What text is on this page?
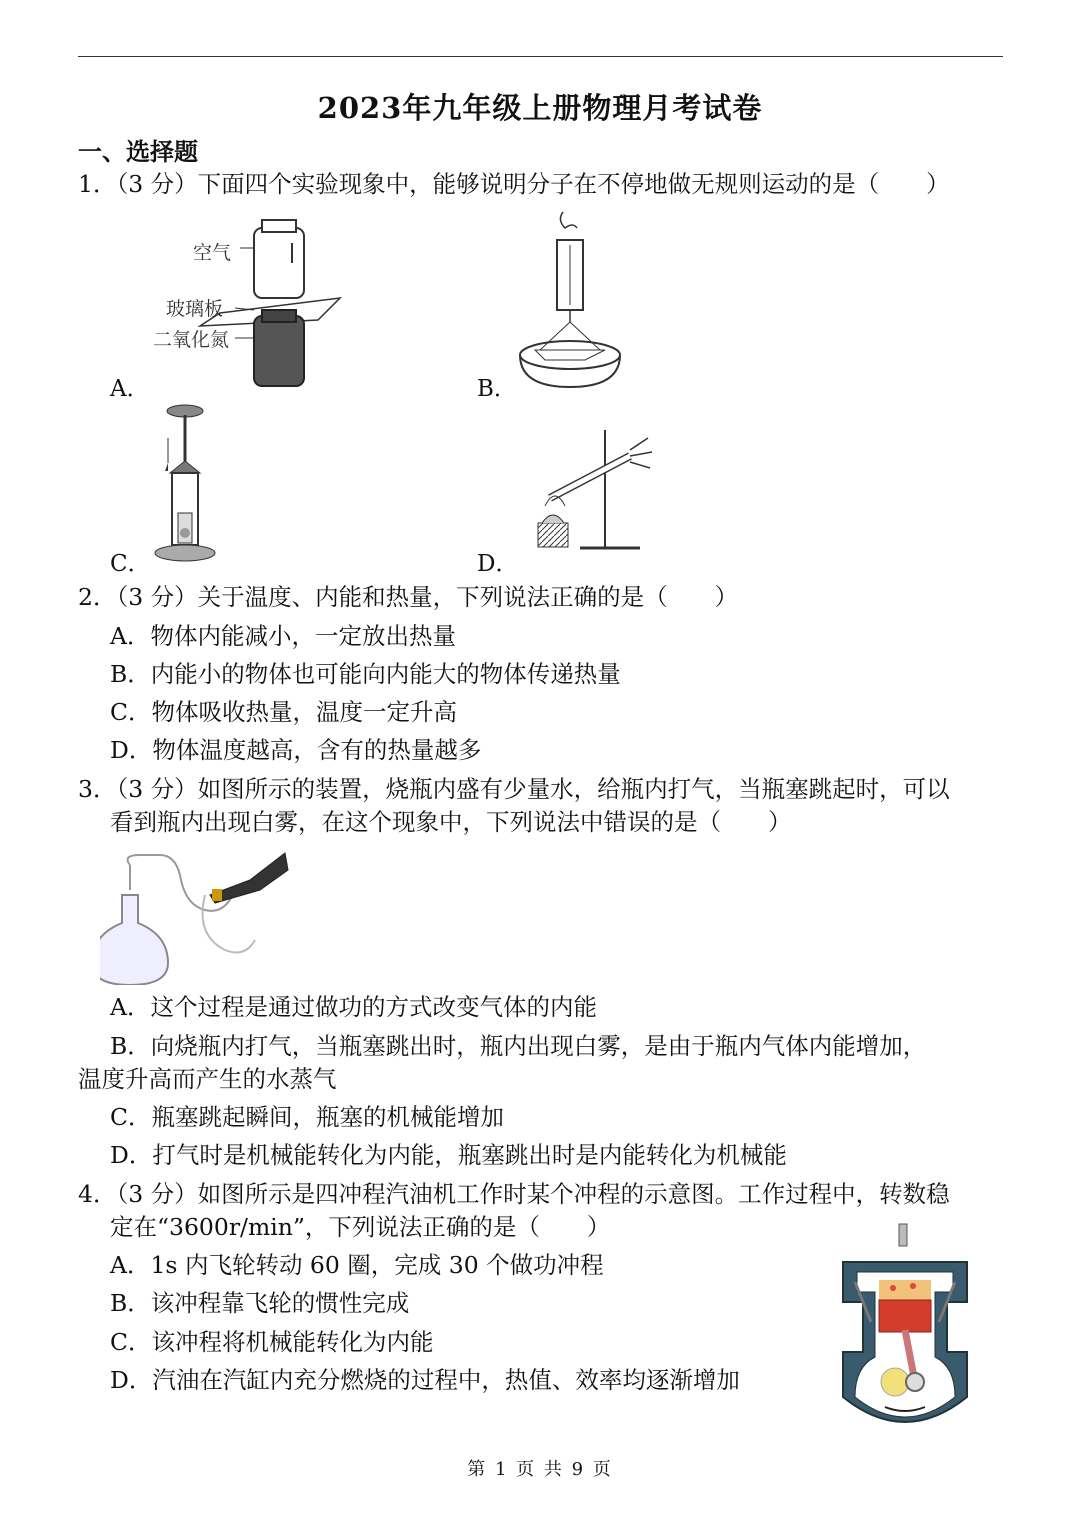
2023年九年级上册物理月考试卷
一、选择题
1．（3 分）下面四个实验现象中，能够说明分子在不停地做无规则运动的是（　　）
空气
玻璃板
二氧化氮
A．	B．
C．	D．
2．（3 分）关于温度、内能和热量，下列说法正确的是（　　）
A．物体内能减小，一定放出热量
B．内能小的物体也可能向内能大的物体传递热量
C．物体吸收热量，温度一定升高
D．物体温度越高，含有的热量越多
3．（3 分）如图所示的装置，烧瓶内盛有少量水，给瓶内打气，当瓶塞跳起时，可以
看到瓶内出现白雾，在这个现象中，下列说法中错误的是（　　）
A．这个过程是通过做功的方式改变气体的内能
B．向烧瓶内打气，当瓶塞跳出时，瓶内出现白雾，是由于瓶内气体内能增加，
温度升高而产生的水蒸气
C．瓶塞跳起瞬间，瓶塞的机械能增加
D．打气时是机械能转化为内能，瓶塞跳出时是内能转化为机械能
4．（3 分）如图所示是四冲程汽油机工作时某个冲程的示意图。工作过程中，转数稳
定在“3600r/min”，下列说法正确的是（　　）
A．1s 内飞轮转动 60 圈，完成 30 个做功冲程
B．该冲程靠飞轮的惯性完成
C．该冲程将机械能转化为内能
D．汽油在汽缸内充分燃烧的过程中，热值、效率均逐渐增加
第 1 页 共 9 页
